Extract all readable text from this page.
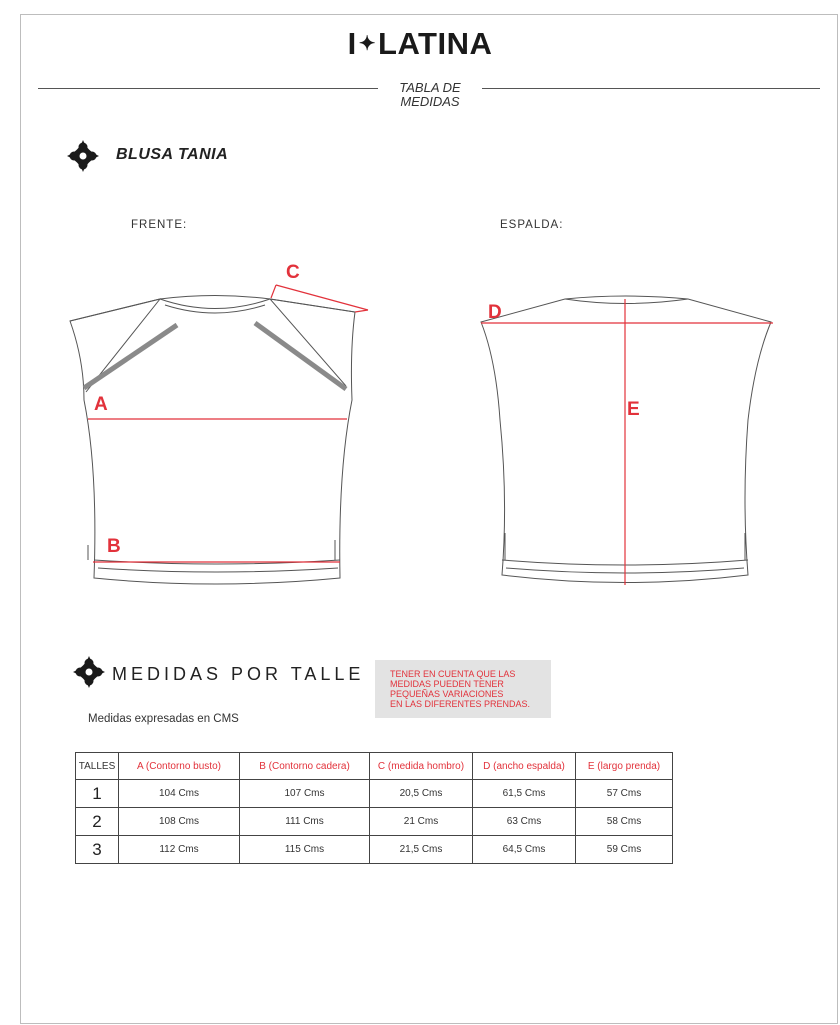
I ✦LATINA
TABLA DE
MEDIDAS
BLUSA TANIA
FRENTE:	ESPALDA:
A
B
C
D
E
MEDIDAS POR TALLE	TENER EN CUENTA QUE LAS
MEDIDAS PUEDEN TENER
PEQUEÑAS VARIACIONES
EN LAS DIFERENTES PRENDAS.
Medidas expresadas en CMS
TALLES	A (Contorno busto)	B (Contorno cadera)	C (medida hombro)	D (ancho espalda)	E (largo prenda)
1	104 Cms	107 Cms	20,5 Cms	61,5 Cms	57 Cms
2	108 Cms	111 Cms	21 Cms	63 Cms	58 Cms
3	112 Cms	115 Cms	21,5 Cms	64,5 Cms	59 Cms
